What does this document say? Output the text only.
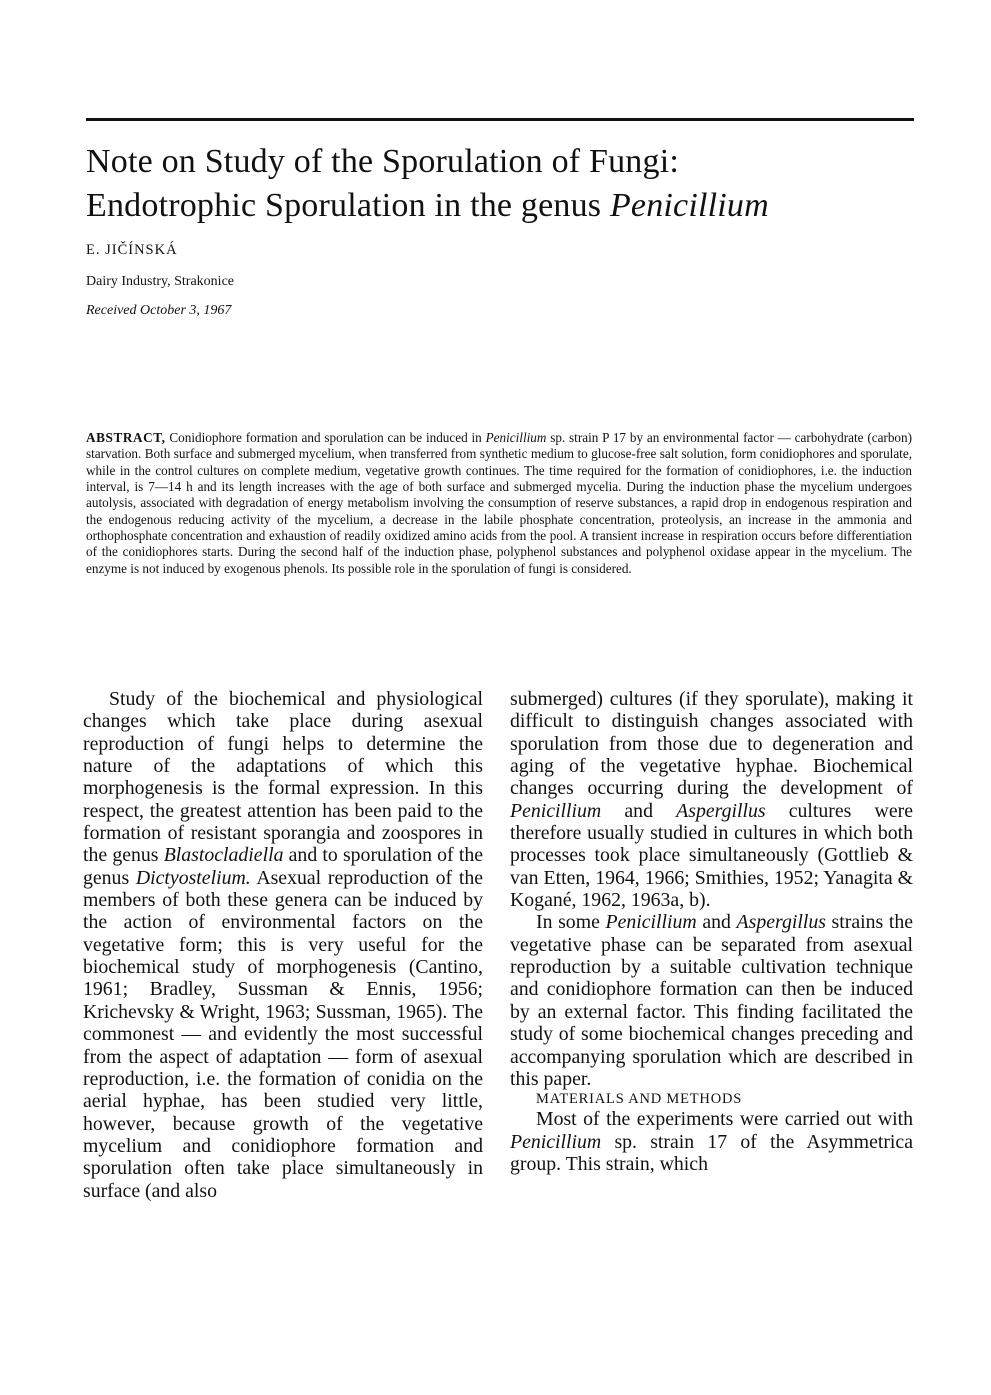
Note on Study of the Sporulation of Fungi:
Endotrophic Sporulation in the genus Penicillium
E. JIČÍNSKÁ
Dairy Industry, Strakonice
Received October 3, 1967

ABSTRACT, Conidiophore formation and sporulation can be induced in Penicillium sp. strain P 17 by an environmental factor — carbohydrate (carbon) starvation. Both surface and submerged mycelium, when transferred from synthetic medium to glucose-free salt solution, form conidiophores and sporulate, while in the control cultures on complete medium, vegetative growth continues. The time required for the formation of conidiophores, i.e. the induction interval, is 7—14 h and its length increases with the age of both surface and submerged mycelia. During the induction phase the mycelium undergoes autolysis, associated with degradation of energy metabolism involving the consumption of reserve substances, a rapid drop in endogenous respiration and the endogenous reducing activity of the mycelium, a decrease in the labile phosphate concentration, proteolysis, an increase in the ammonia and orthophosphate concentration and exhaustion of readily oxidized amino acids from the pool. A transient increase in respiration occurs before differentiation of the conidiophores starts. During the second half of the induction phase, polyphenol substances and polyphenol oxidase appear in the mycelium. The enzyme is not induced by exogenous phenols. Its possible role in the sporulation of fungi is considered.

Study of the biochemical and physiological changes which take place during asexual reproduction of fungi helps to determine the nature of the adaptations of which this morphogenesis is the formal expression. In this respect, the greatest attention has been paid to the formation of resistant sporangia and zoospores in the genus Blastocladiella and to sporulation of the genus Dictyostelium. Asexual reproduction of the members of both these genera can be induced by the action of environmental factors on the vegetative form; this is very useful for the biochemical study of morphogenesis (Cantino, 1961; Bradley, Sussman & Ennis, 1956; Krichevsky & Wright, 1963; Sussman, 1965). The commonest — and evidently the most successful from the aspect of adaptation — form of asexual reproduction, i.e. the formation of conidia on the aerial hyphae, has been studied very little, however, because growth of the vegetative mycelium and conidiophore formation and sporulation often take place simultaneously in surface (and also

submerged) cultures (if they sporulate), making it difficult to distinguish changes associated with sporulation from those due to degeneration and aging of the vegetative hyphae. Biochemical changes occurring during the development of Penicillium and Aspergillus cultures were therefore usually studied in cultures in which both processes took place simultaneously (Gottlieb & van Etten, 1964, 1966; Smithies, 1952; Yanagita & Kogané, 1962, 1963a, b).

In some Penicillium and Aspergillus strains the vegetative phase can be separated from asexual reproduction by a suitable cultivation technique and conidiophore formation can then be induced by an external factor. This finding facilitated the study of some biochemical changes preceding and accompanying sporulation which are described in this paper.

MATERIALS AND METHODS

Most of the experiments were carried out with Penicillium sp. strain 17 of the Asymmetrica group. This strain, which
